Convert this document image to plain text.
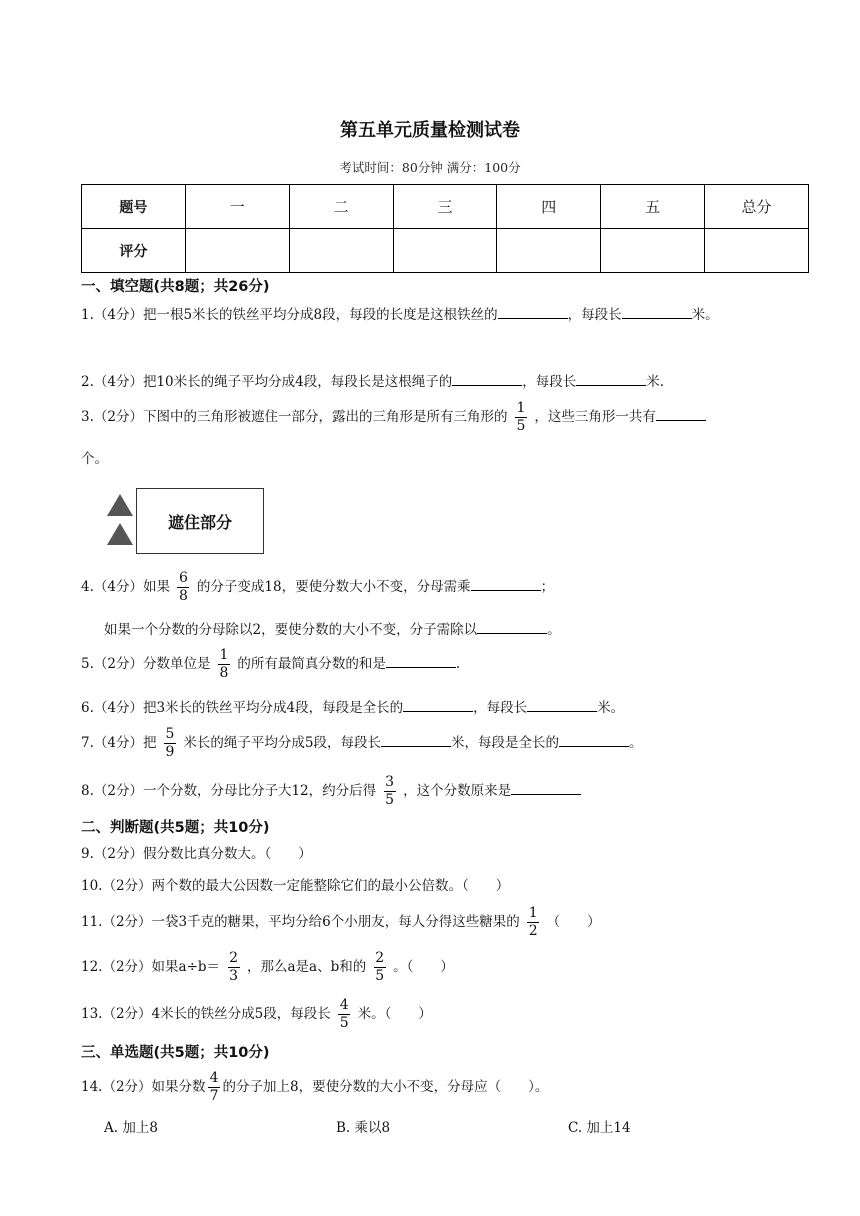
第五单元质量检测试卷
考试时间：80分钟 满分：100分
题号	一	二	三	四	五	总分
评分						
一、填空题(共8题；共26分)
1.（4分）把一根5米长的铁丝平均分成8段，每段的长度是这根铁丝的	，每段长	米。
2.（4分）把10米长的绳子平均分成4段，每段长是这根绳子的	，每段长	米.
3.（2分）下图中的三角形被遮住一部分，露出的三角形是所有三角形的 $\frac{1}{5}$ ，这些三角形一共有
个。
遮住部分
4.（4分）如果 $\frac{6}{8}$ 的分子变成18，要使分数大小不变，分母需乘	；
如果一个分数的分母除以2，要使分数的大小不变，分子需除以	。
5.（2分）分数单位是 $\frac{1}{8}$ 的所有最简真分数的和是	.
6.（4分）把3米长的铁丝平均分成4段，每段是全长的	，每段长	米。
7.（4分）把 $\frac{5}{9}$ 米长的绳子平均分成5段，每段长	米，每段是全长的	。
8.（2分）一个分数，分母比分子大12，约分后得 $\frac{3}{5}$ ，这个分数原来是
二、判断题(共5题；共10分)
9.（2分）假分数比真分数大。（　　）
10.（2分）两个数的最大公因数一定能整除它们的最小公倍数。（　　）
11.（2分）一袋3千克的糖果，平均分给6个小朋友，每人分得这些糖果的 $\frac{1}{2}$ （　　）
12.（2分）如果$a\div b= \frac{2}{3}$ ，那么a是a、b和的 $\frac{2}{5}$ 。（　　）
13.（2分）4米长的铁丝分成5段，每段长 $\frac{4}{5}$ 米。（　　）
三、单选题(共5题；共10分)
14.（2分）如果分数 $\frac{4}{7}$ 的分子加上8，要使分数的大小不变，分母应（　　）。
A. 加上8	B. 乘以8	C. 加上14
